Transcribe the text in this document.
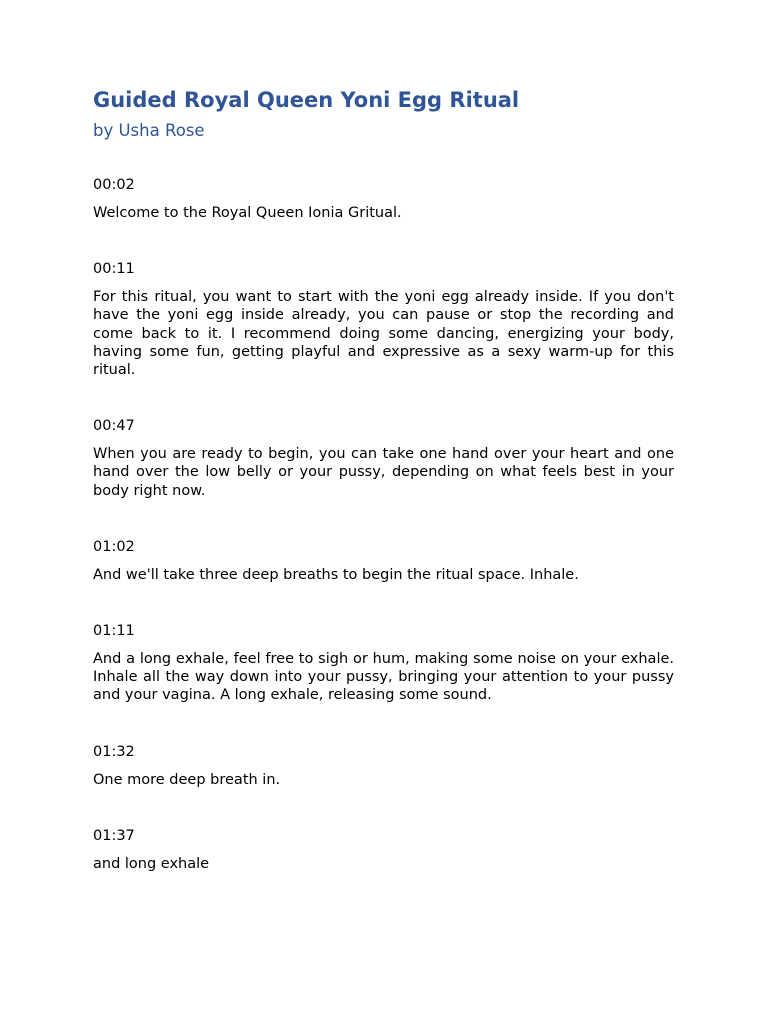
Guided Royal Queen Yoni Egg Ritual
by Usha Rose
00:02

Welcome to the Royal Queen Ionia Gritual.

00:11

For this ritual, you want to start with the yoni egg already inside. If you don't have the yoni egg inside already, you can pause or stop the recording and come back to it. I recommend doing some dancing, energizing your body, having some fun, getting playful and expressive as a sexy warm-up for this ritual.

00:47

When you are ready to begin, you can take one hand over your heart and one hand over the low belly or your pussy, depending on what feels best in your body right now.

01:02

And we'll take three deep breaths to begin the ritual space. Inhale.

01:11

And a long exhale, feel free to sigh or hum, making some noise on your exhale. Inhale all the way down into your pussy, bringing your attention to your pussy and your vagina. A long exhale, releasing some sound.

01:32

One more deep breath in.

01:37

and long exhale
